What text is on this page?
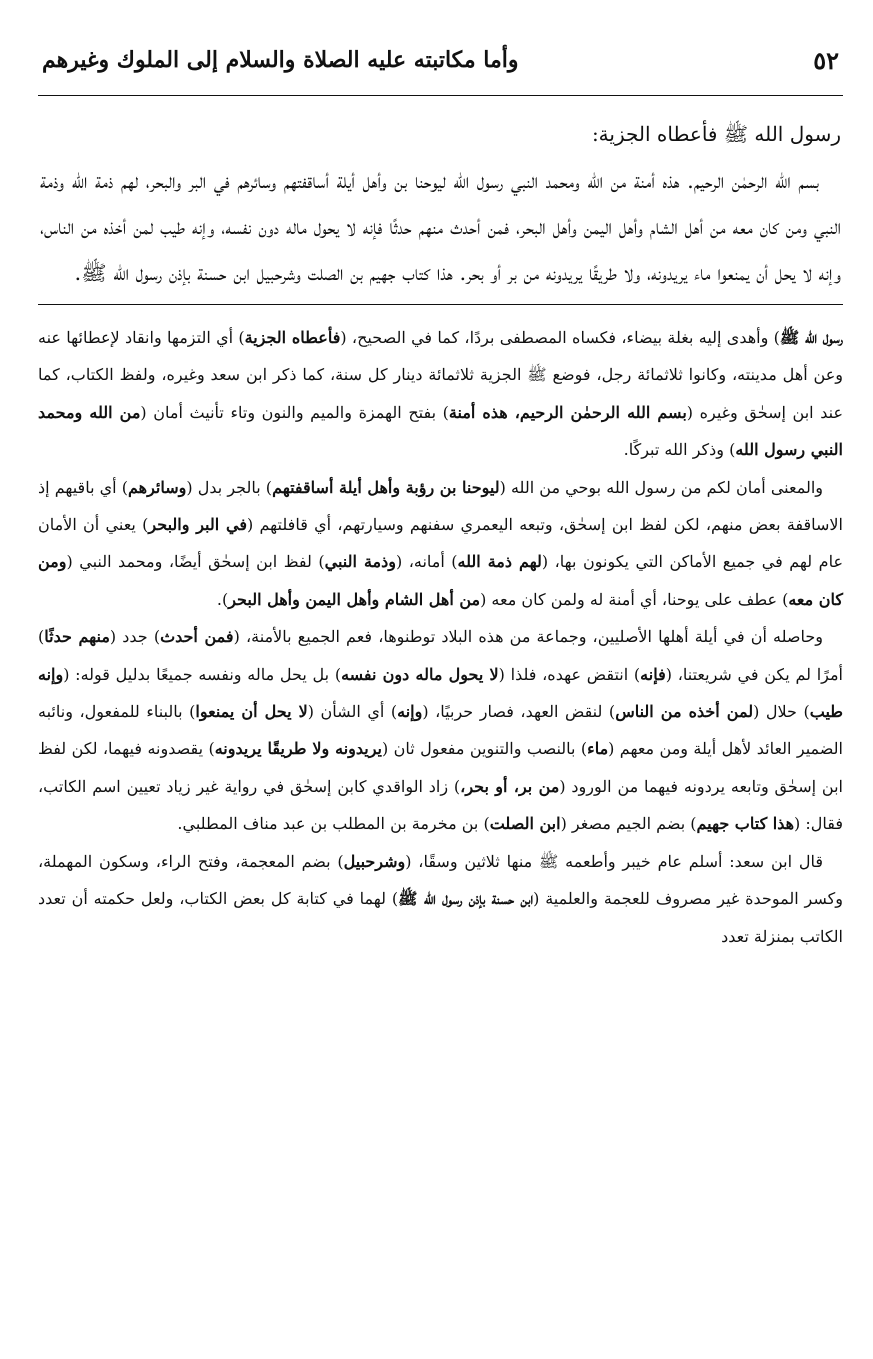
٥٢
وأما مكاتبته عليه الصلاة والسلام إلى الملوك وغيرهم

رسول الله ﷺ فأعطاه الجزية:

بسم الله الرحمٰن الرحيم. هذه أمنة من الله ومحمد النبي رسول الله ليوحنا بن وأهل أيلة أساقفتهم وسائرهم في البر والبحر، لهم ذمة الله وذمة النبي ومن كان معه من أهل الشام وأهل اليمن وأهل البحر، فمن أحدث منهم حدثًا فإنه لا يحول ماله دون نفسه، وإنه طيب لمن أخذه من الناس، وإنه لا يحل أن يمنعوا ماء يريدونه، ولا طريقًا يريدونه من بر أو بحر. هذا كتاب جهيم بن الصلت وشرحبيل ابن حسنة بإذن رسول الله ﷺ.

رسول الله ﷺ) وأهدى إليه بغلة بيضاء، فكساه المصطفى بردًا، كما في الصحيح، (فأعطاه الجزية) أي التزمها وانقاد لإعطائها عنه وعن أهل مدينته، وكانوا ثلاثمائة رجل، فوضع ﷺ الجزية ثلاثمائة دينار كل سنة، كما ذكر ابن سعد وغيره، ولفظ الكتاب، كما عند ابن إسحٰق وغيره (بسم الله الرحمٰن الرحيم، هذه أمنة) بفتح الهمزة والميم والنون وتاء تأنيث أمان (من الله ومحمد النبي رسول الله) وذكر الله تبركًا.

والمعنى أمان لكم من رسول الله بوحي من الله (ليوحنا بن رؤبة وأهل أيلة أساقفتهم) بالجر بدل (وسائرهم) أي باقيهم إذ الاساقفة بعض منهم، لكن لفظ ابن إسحٰق، وتبعه اليعمري سفنهم وسيارتهم، أي قافلتهم (في البر والبحر) يعني أن الأمان عام لهم في جميع الأماكن التي يكونون بها، (لهم ذمة الله) أمانه، (وذمة النبي) لفظ ابن إسحٰق أيضًا، ومحمد النبي (ومن كان معه) عطف على يوحنا، أي أمنة له ولمن كان معه (من أهل الشام وأهل اليمن وأهل البحر).

وحاصله أن في أيلة أهلها الأصليين، وجماعة من هذه البلاد توطنوها، فعم الجميع بالأمنة، (فمن أحدث) جدد (منهم حدثًا) أمرًا لم يكن في شريعتنا، (فإنه) انتقض عهده، فلذا (لا يحول ماله دون نفسه) بل يحل ماله ونفسه جميعًا بدليل قوله: (وإنه طيب) حلال (لمن أخذه من الناس) لنقض العهد، فصار حربيًا، (وإنه) أي الشأن (لا يحل أن يمنعوا) بالبناء للمفعول، ونائبه الضمير العائد لأهل أيلة ومن معهم (ماء) بالنصب والتنوين مفعول ثان (يريدونه ولا طريقًا يريدونه) يقصدونه فيهما، لكن لفظ ابن إسحٰق وتابعه يردونه فيهما من الورود (من بر، أو بحر،) زاد الواقدي كابن إسحٰق في رواية غير زياد تعيين اسم الكاتب، فقال: (هذا كتاب جهيم) بضم الجيم مصغر (ابن الصلت) بن مخرمة بن المطلب بن عبد مناف المطلبي.

قال ابن سعد: أسلم عام خيبر وأطعمه ﷺ منها ثلاثين وسقًا، (وشرحبيل) بضم المعجمة، وفتح الراء، وسكون المهملة، وكسر الموحدة غير مصروف للعجمة والعلمية (ابن حسنة بإذن رسول الله ﷺ) لهما في كتابة كل بعض الكتاب، ولعل حكمته أن تعدد الكاتب بمنزلة تعدد
